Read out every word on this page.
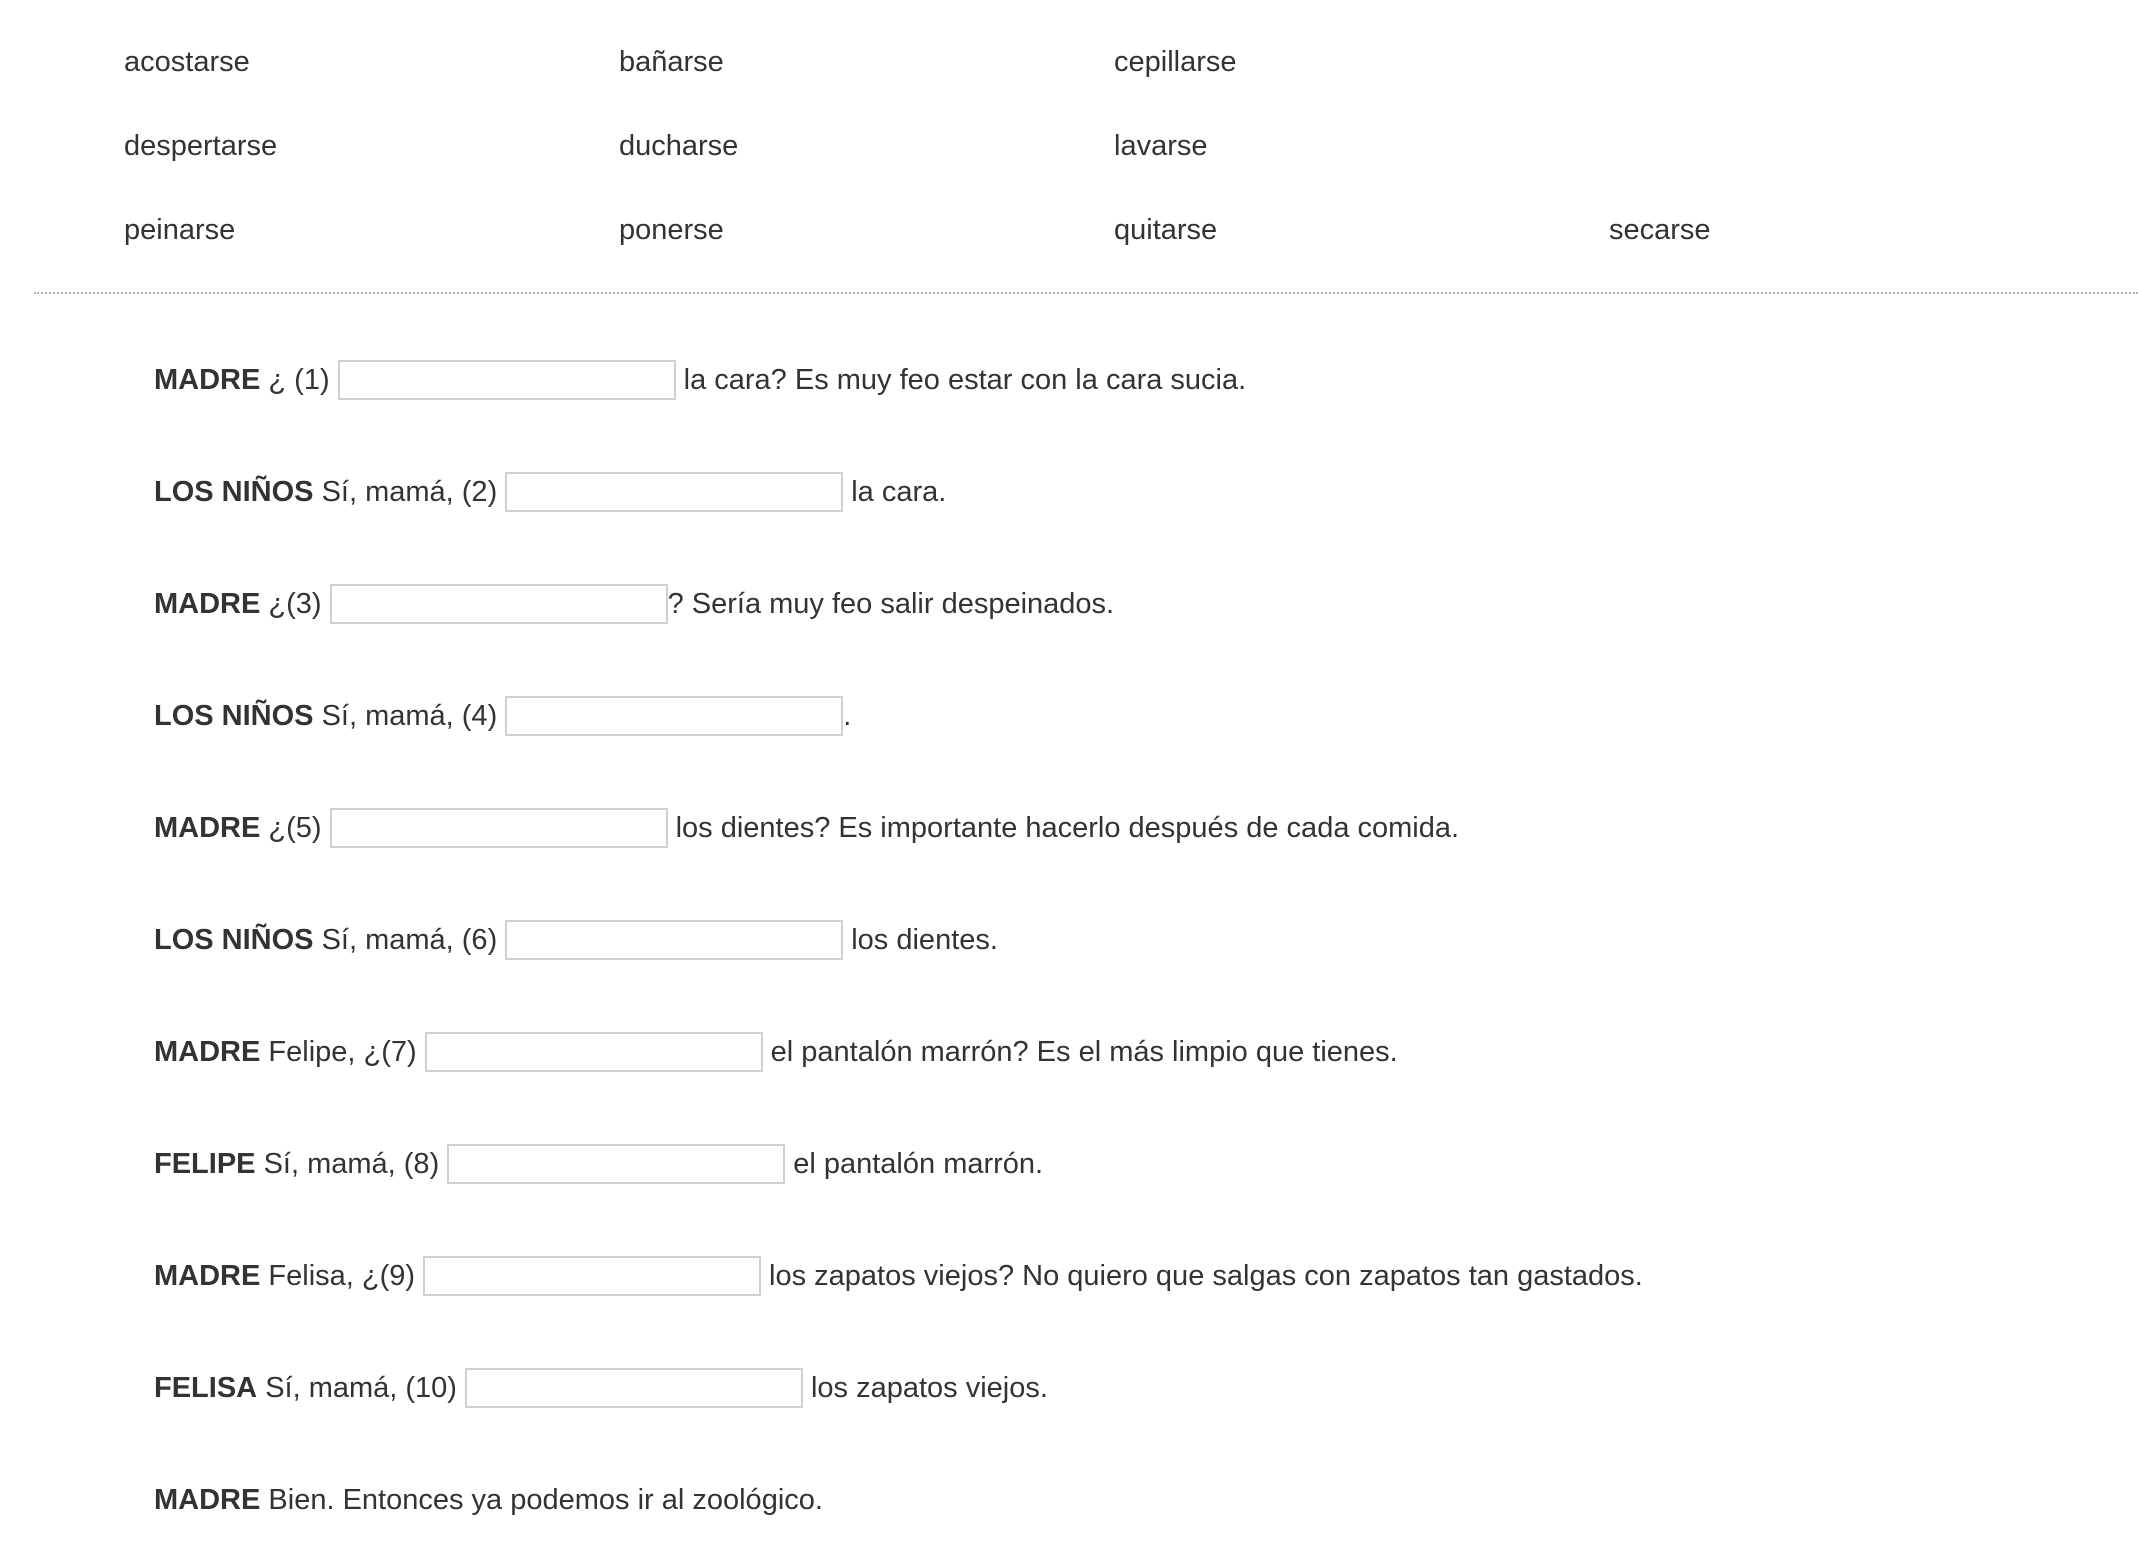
acostarse	bañarse	cepillarse
despertarse	ducharse	lavarse
peinarse	ponerse	quitarse	secarse
MADRE ¿ (1)	la cara? Es muy feo estar con la cara sucia.
LOS NIÑOS Sí, mamá, (2)	la cara.
MADRE ¿(3)	? Sería muy feo salir despeinados.
LOS NIÑOS Sí, mamá, (4)	.
MADRE ¿(5)	los dientes? Es importante hacerlo después de cada comida.
LOS NIÑOS Sí, mamá, (6)	los dientes.
MADRE Felipe, ¿(7)	el pantalón marrón? Es el más limpio que tienes.
FELIPE Sí, mamá, (8)	el pantalón marrón.
MADRE Felisa, ¿(9)	los zapatos viejos? No quiero que salgas con zapatos tan gastados.
FELISA Sí, mamá, (10)	los zapatos viejos.
MADRE Bien. Entonces ya podemos ir al zoológico.
